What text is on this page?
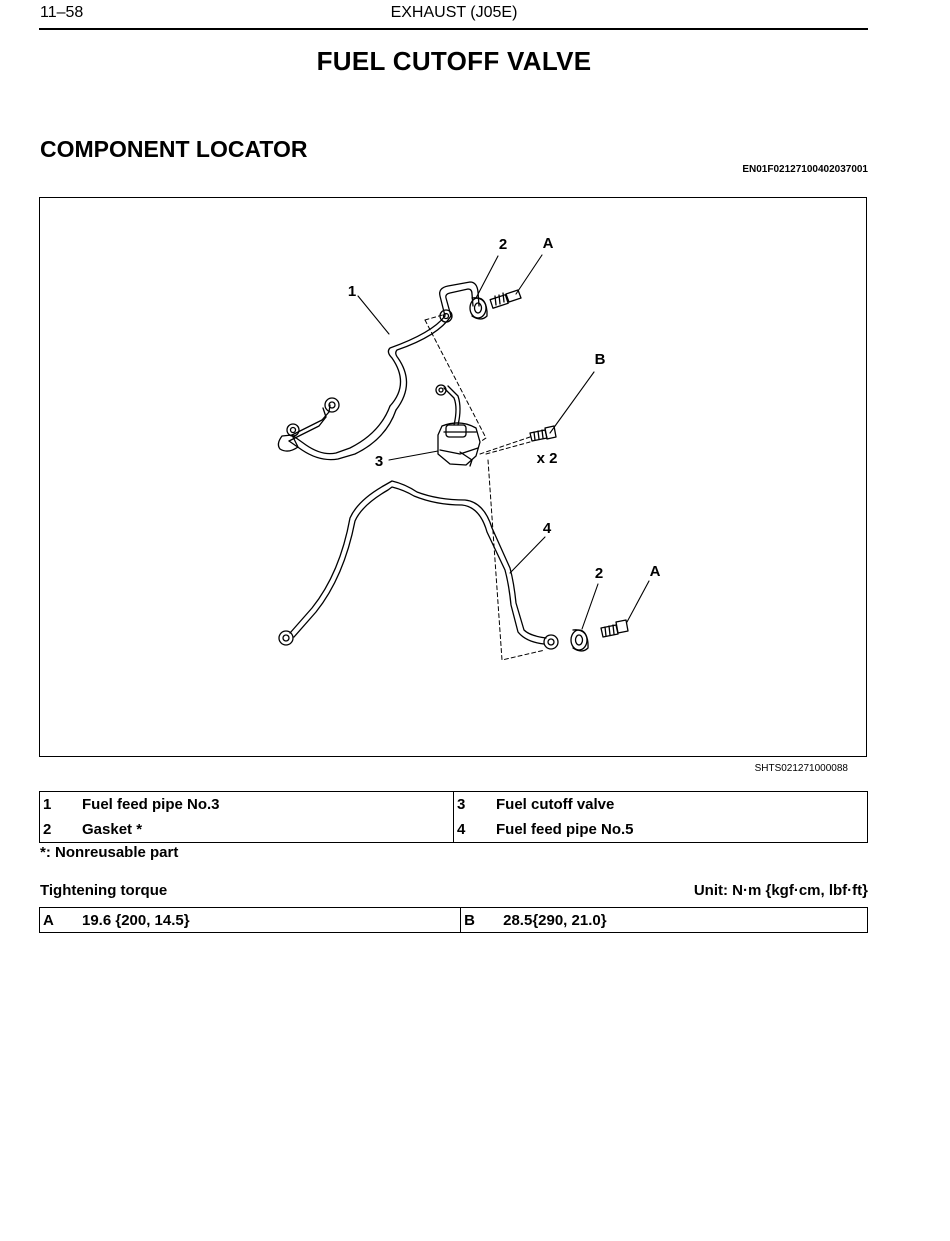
11–58	EXHAUST (J05E)
FUEL CUTOFF VALVE
COMPONENT LOCATOR
EN01F02127100402037001
2 A
1
B
3	x 2
4
2	A
SHTS021271000088
1	Fuel feed pipe No.3	3	Fuel cutoff valve
2	Gasket *	4	Fuel feed pipe No.5
*: Nonreusable part
Tightening torque	Unit: N·m {kgf·cm, lbf·ft}
A	19.6 {200, 14.5}	B	28.5{290, 21.0}
